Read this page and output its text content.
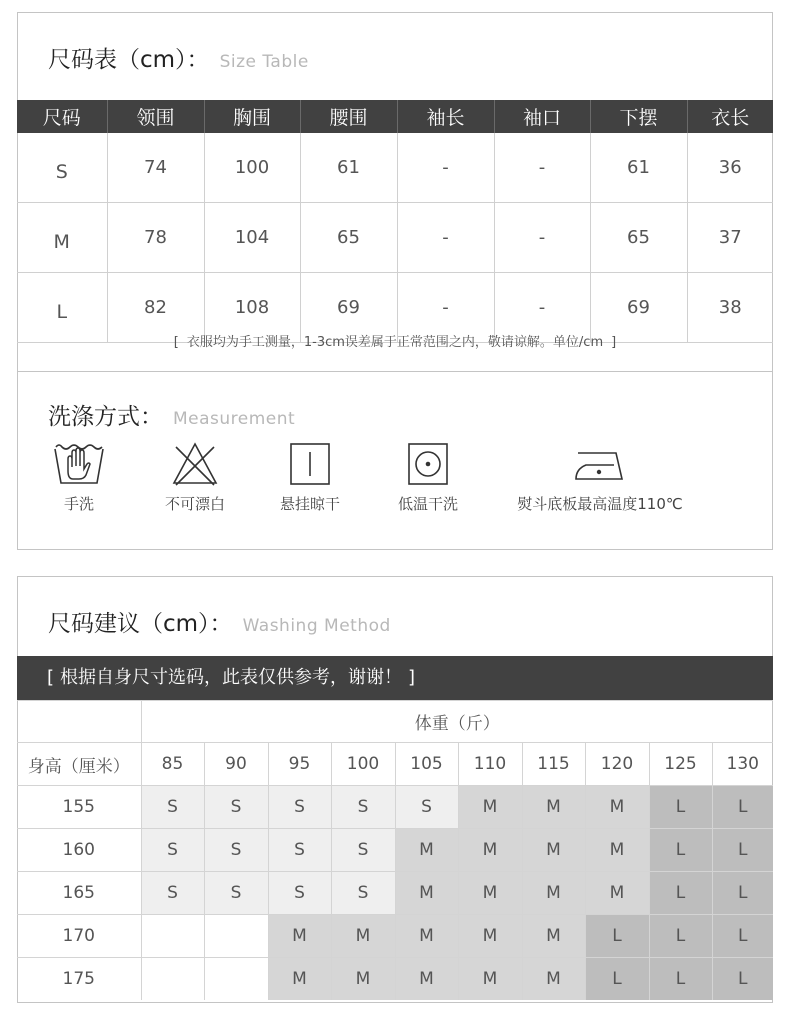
尺码表（cm）： Size Table
尺码	领围	胸围	腰围	袖长	袖口	下摆	衣长
S	74	100	61	-	-	61	36
M	78	104	65	-	-	65	37
L	82	108	69	-	-	69	38
[ 衣服均为手工测量，1-3cm误差属于正常范围之内，敬请谅解。单位/cm ]
洗涤方式： Measurement
手洗	不可漂白	悬挂晾干	低温干洗	熨斗底板最高温度110℃
尺码建议（cm）： Washing Method
[ 根据自身尺寸选码，此表仅供参考，谢谢！ ]
	体重（斤）									
身高（厘米）	85	90	95	100	105	110	115	120	125	130
155	S	S	S	S	S	M	M	M	L	L
160	S	S	S	S	M	M	M	M	L	L
165	S	S	S	S	M	M	M	M	L	L
170			M	M	M	M	M	L	L	L
175			M	M	M	M	M	L	L	L
